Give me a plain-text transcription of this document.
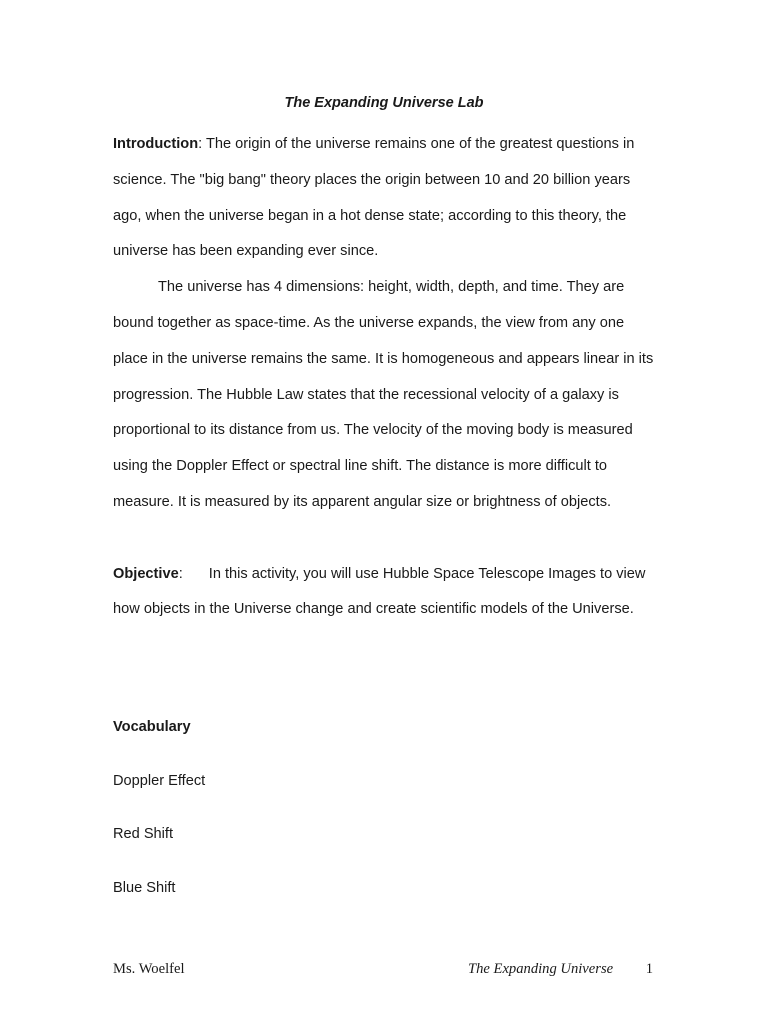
The Expanding Universe Lab

Introduction: The origin of the universe remains one of the greatest questions in science. The "big bang" theory places the origin between 10 and 20 billion years ago, when the universe began in a hot dense state; according to this theory, the universe has been expanding ever since.

The universe has 4 dimensions: height, width, depth, and time. They are bound together as space-time. As the universe expands, the view from any one place in the universe remains the same. It is homogeneous and appears linear in its progression. The Hubble Law states that the recessional velocity of a galaxy is proportional to its distance from us. The velocity of the moving body is measured using the Doppler Effect or spectral line shift. The distance is more difficult to measure. It is measured by its apparent angular size or brightness of objects.

Objective: In this activity, you will use Hubble Space Telescope Images to view how objects in the Universe change and create scientific models of the Universe.

Vocabulary

Doppler Effect
Red Shift
Blue Shift
Ms. Woelfel	The Expanding Universe 1
